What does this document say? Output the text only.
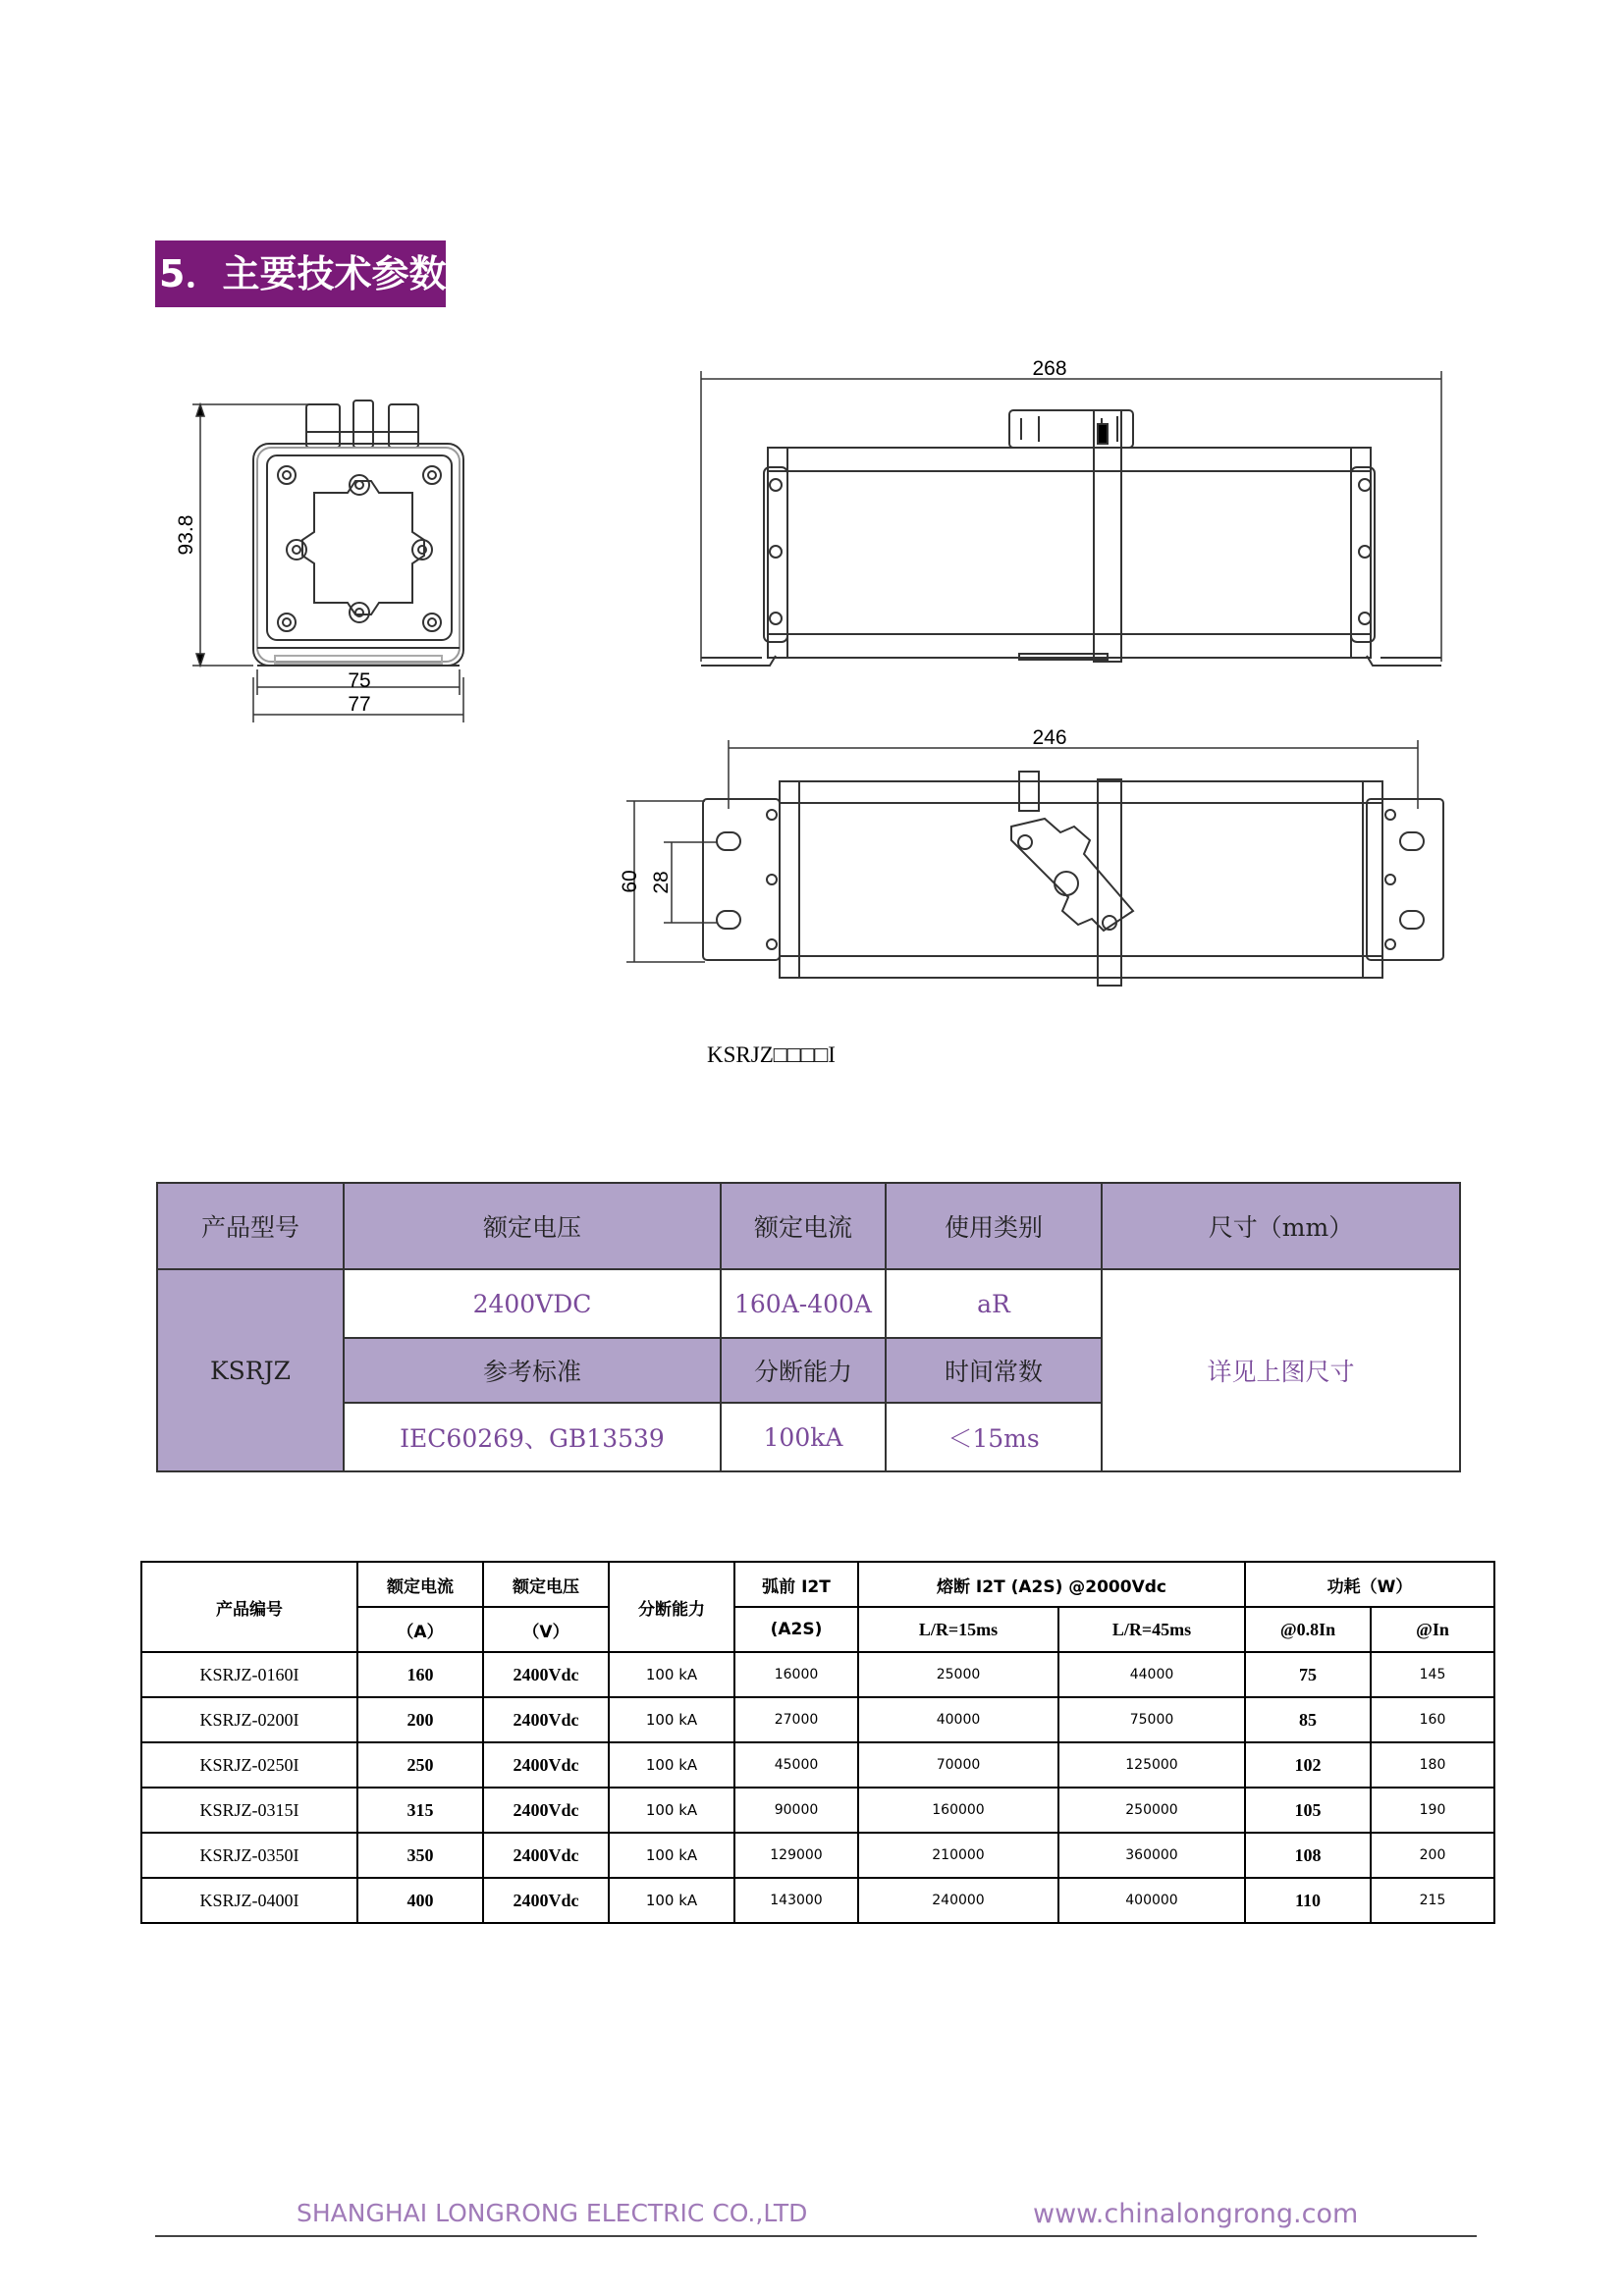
5．主要技术参数
268
246
75
77
93.8
60 28
KSRJZ□□□□I
产品型号	额定电压	额定电流	使用类别	尺寸（mm）
KSRJZ	2400VDC	160A-400A	aR	详见上图尺寸
	参考标准	分断能力	时间常数	
	IEC60269、GB13539	100kA	＜15ms	
产品编号	额定电流	额定电压	分断能力	弧前 I2T	熔断 I2T (A2S) @2000Vdc		功耗（W）	
	（A）	（V）		(A2S)	L/R=15ms	L/R=45ms	@0.8In	@In
KSRJZ-0160I	160	2400Vdc	100 kA	16000	25000	44000	75	145
KSRJZ-0200I	200	2400Vdc	100 kA	27000	40000	75000	85	160
KSRJZ-0250I	250	2400Vdc	100 kA	45000	70000	125000	102	180
KSRJZ-0315I	315	2400Vdc	100 kA	90000	160000	250000	105	190
KSRJZ-0350I	350	2400Vdc	100 kA	129000	210000	360000	108	200
KSRJZ-0400I	400	2400Vdc	100 kA	143000	240000	400000	110	215
SHANGHAI LONGRONG ELECTRIC CO.,LTD	www.chinalongrong.com
